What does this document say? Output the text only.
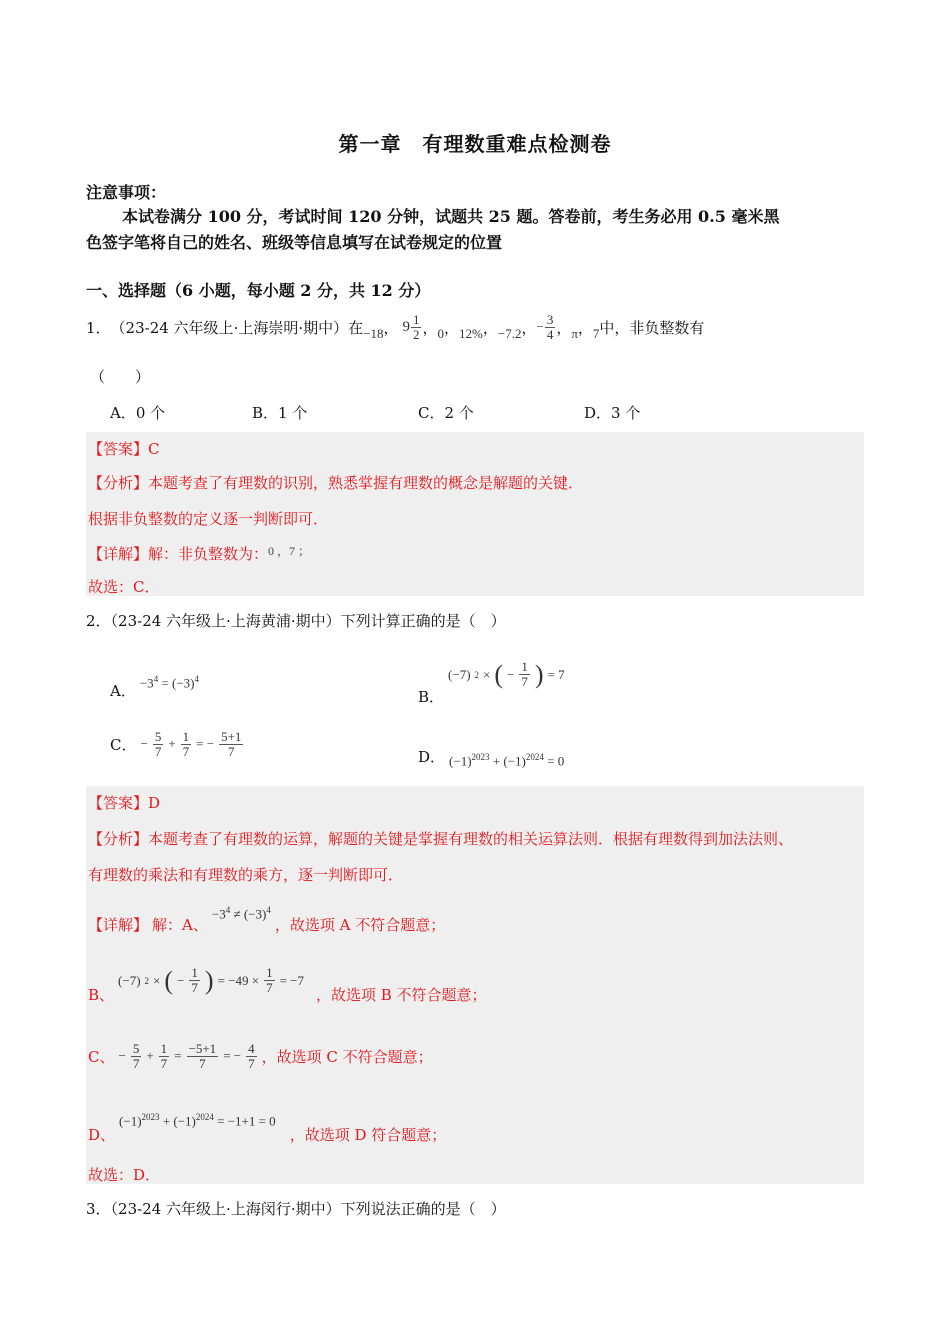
第一章　有理数重难点检测卷
注意事项：
本试卷满分 100 分，考试时间 120 分钟，试题共 25 题。答卷前，考生务必用 0.5 毫米黑
色签字笔将自己的姓名、班级等信息填写在试卷规定的位置
一、选择题（6 小题，每小题 2 分，共 12 分）
1． （23-24 六年级上·上海崇明·期中）在 −18 ， $9 \frac{1}{2}$ ， 0 ， 12% ， −7.2 ， − $\frac{3}{4}$ ， π ， 7 中，非负整数有
（　　）
A．0 个	B．1 个	C．2 个	D．3 个
【答案】C
【分析】本题考查了有理数的识别，熟悉掌握有理数的概念是解题的关键．
根据非负整数的定义逐一判断即可．
【详解】解：非负整数为：$^{0 ,7 ;}$
故选：C．
2．（23-24 六年级上·上海黄浦·期中）下列计算正确的是（　）
A． $-3^4 = (-3)^4$
B．
(−7) 2 × ( − $\frac{1}{7}$ ) = 7
C． − $\frac{5}{7} + \frac{1}{7}$ = − $\frac{5+1}{7}$	D． $(-1)^{2023} + (-1)^{2024} = 0$
【答案】D
【分析】本题考查了有理数的运算，解题的关键是掌握有理数的相关运算法则．根据有理数得到加法法则、
有理数的乘法和有理数的乘方，逐一判断即可．
【详解】 解：A、
$-3^4 \ne (-3)^4$
，故选项 A 不符合题意；
B、
(−7) 2 × ( − $\frac{1}{7}$ ) = $-49 \times \frac{1}{7} = -7$
，故选项 B 不符合题意；
C、 − $\frac{5}{7} + \frac{1}{7} = \frac{-5+1}{7}$ = − $\frac{4}{7}$ ，故选项 C 不符合题意；
D、
$(-1)^{2023} + (-1)^{2024} = -1+1 = 0$
，故选项 D 符合题意；
故选：D．
3．（23-24 六年级上·上海闵行·期中）下列说法正确的是（　）
